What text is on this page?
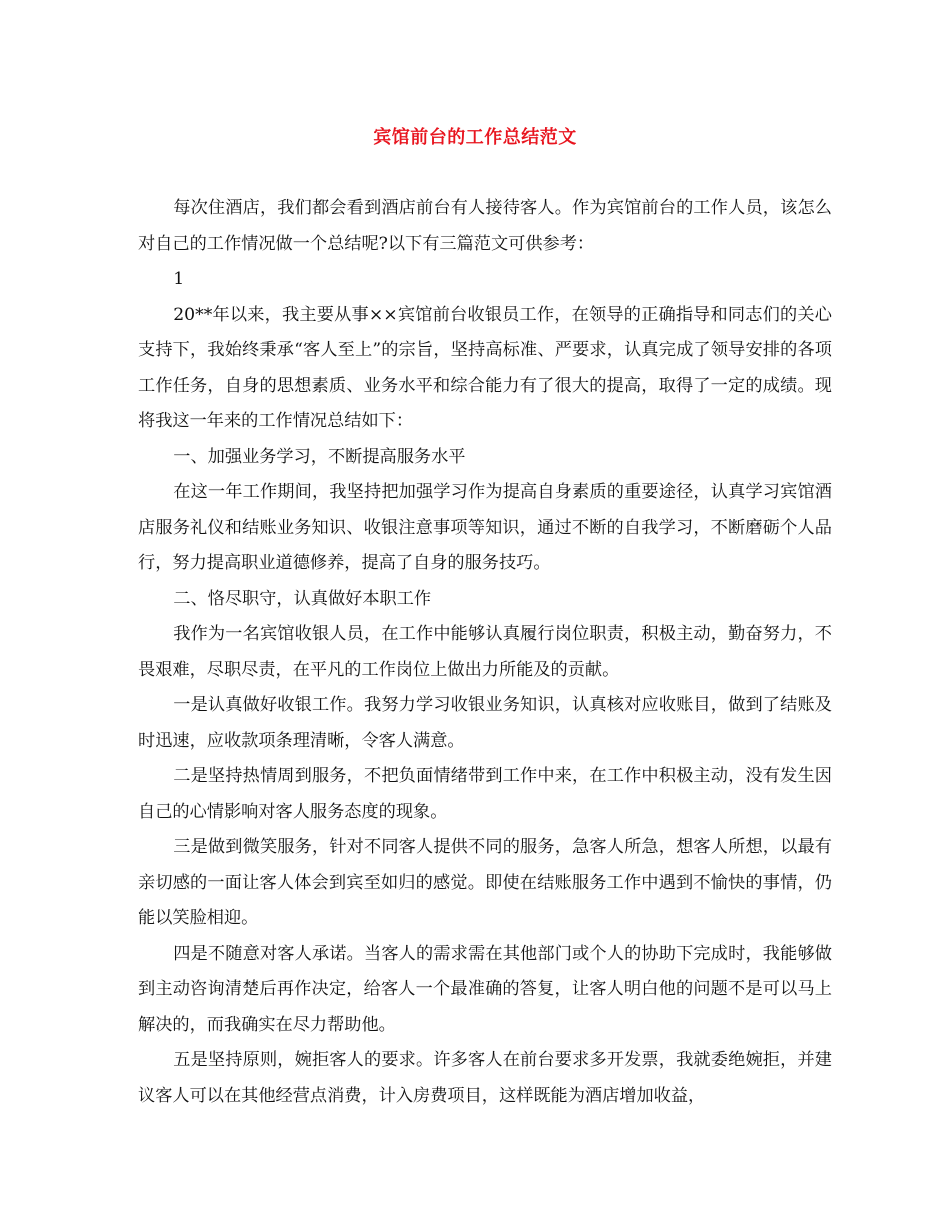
宾馆前台的工作总结范文

每次住酒店，我们都会看到酒店前台有人接待客人。作为宾馆前台的工作人员，该怎么对自己的工作情况做一个总结呢?以下有三篇范文可供参考：

1

20**年以来，我主要从事××宾馆前台收银员工作，在领导的正确指导和同志们的关心支持下，我始终秉承“客人至上”的宗旨，坚持高标准、严要求，认真完成了领导安排的各项工作任务，自身的思想素质、业务水平和综合能力有了很大的提高，取得了一定的成绩。现将我这一年来的工作情况总结如下：

一、加强业务学习，不断提高服务水平

在这一年工作期间，我坚持把加强学习作为提高自身素质的重要途径，认真学习宾馆酒店服务礼仪和结账业务知识、收银注意事项等知识，通过不断的自我学习，不断磨砺个人品行，努力提高职业道德修养，提高了自身的服务技巧。

二、恪尽职守，认真做好本职工作

我作为一名宾馆收银人员，在工作中能够认真履行岗位职责，积极主动，勤奋努力，不畏艰难，尽职尽责，在平凡的工作岗位上做出力所能及的贡献。

一是认真做好收银工作。我努力学习收银业务知识，认真核对应收账目，做到了结账及时迅速，应收款项条理清晰，令客人满意。

二是坚持热情周到服务，不把负面情绪带到工作中来，在工作中积极主动，没有发生因自己的心情影响对客人服务态度的现象。

三是做到微笑服务，针对不同客人提供不同的服务，急客人所急，想客人所想，以最有亲切感的一面让客人体会到宾至如归的感觉。即使在结账服务工作中遇到不愉快的事情，仍能以笑脸相迎。

四是不随意对客人承诺。当客人的需求需在其他部门或个人的协助下完成时，我能够做到主动咨询清楚后再作决定，给客人一个最准确的答复，让客人明白他的问题不是可以马上解决的，而我确实在尽力帮助他。

五是坚持原则，婉拒客人的要求。许多客人在前台要求多开发票，我就委绝婉拒，并建议客人可以在其他经营点消费，计入房费项目，这样既能为酒店增加收益，
